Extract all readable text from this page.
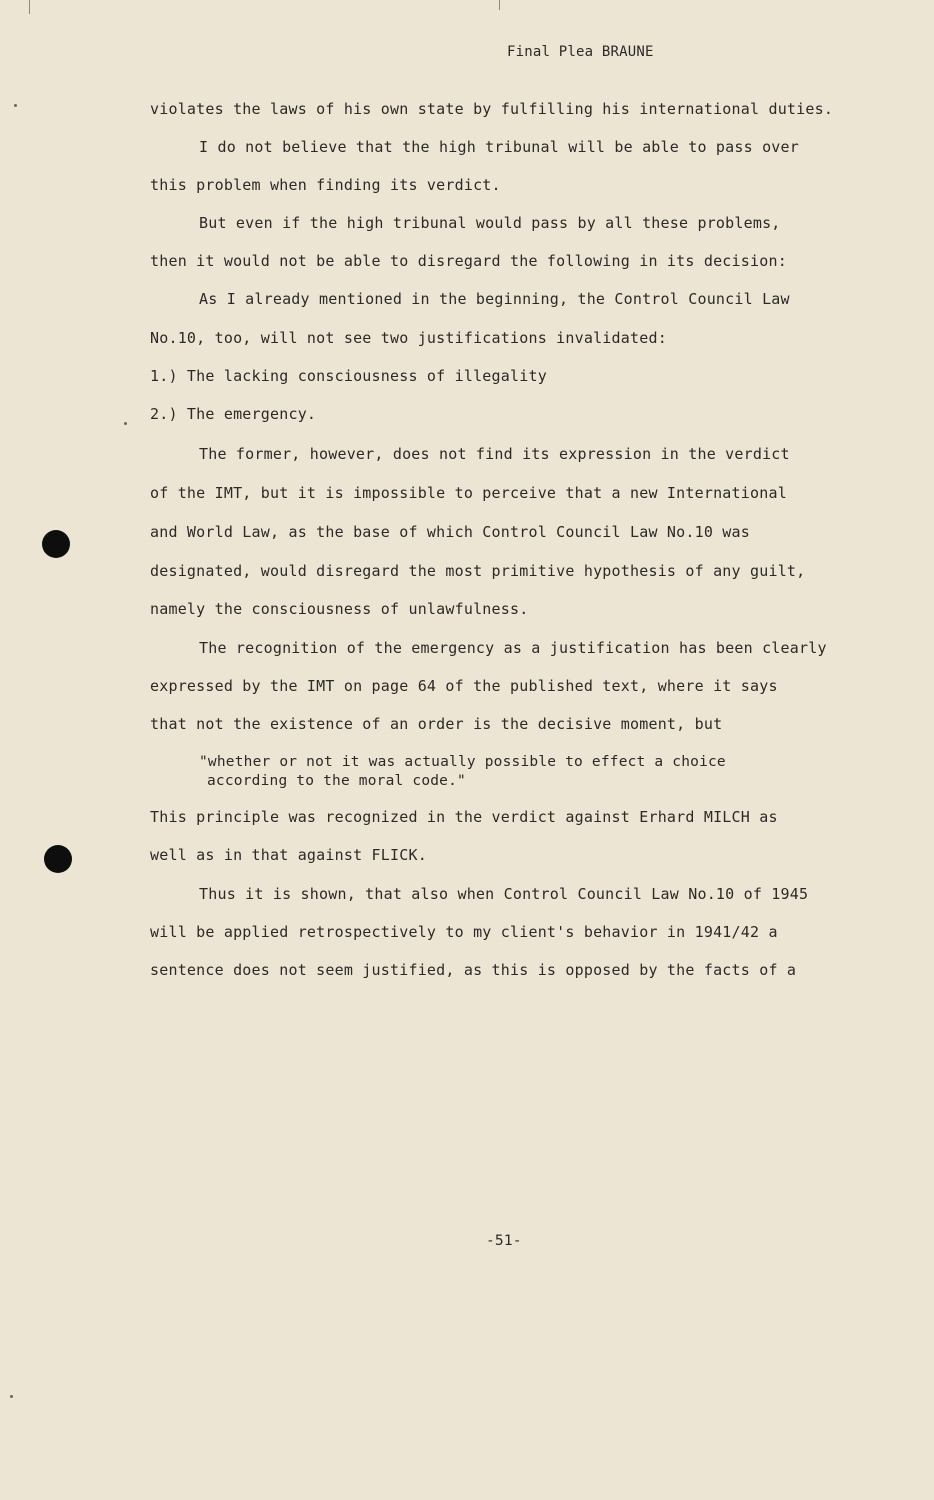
Final Plea BRAUNE
violates the laws of his own state by fulfilling his international duties.
I do not believe that the high tribunal will be able to pass over
this problem when finding its verdict.
But even if the high tribunal would pass by all these problems,
then it would not be able to disregard the following in its decision:
As I already mentioned in the beginning, the Control Council Law
No.10, too, will not see two justifications invalidated:
1.) The lacking consciousness of illegality
2.) The emergency.
The former, however, does not find its expression in the verdict
of the IMT, but it is impossible to perceive that a new International
and World Law, as the base of which Control Council Law No.10 was
designated, would disregard the most primitive hypothesis of any guilt,
namely the consciousness of unlawfulness.
The recognition of the emergency as a justification has been clearly
expressed by the IMT on page 64 of the published text, where it says
that not the existence of an order is the decisive moment, but
"whether or not it was actually possible to effect a choice
according to the moral code."
This principle was recognized in the verdict against Erhard MILCH as
well as in that against FLICK.
Thus it is shown, that also when Control Council Law No.10 of 1945
will be applied retrospectively to my client's behavior in 1941/42 a
sentence does not seem justified, as this is opposed by the facts of a
-51-
